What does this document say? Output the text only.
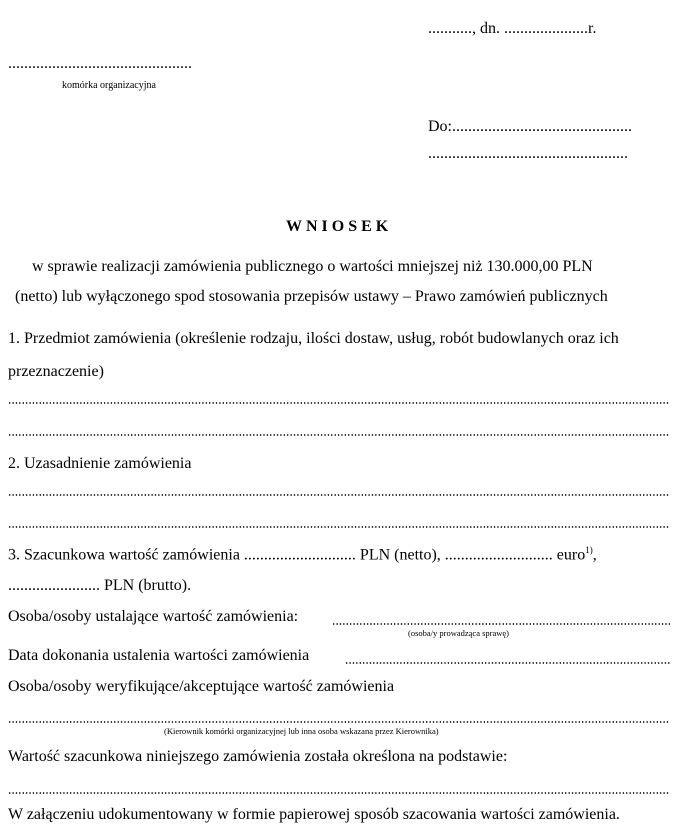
..........., dn. .....................r.
..............................................
komórka organizacyjna
Do:.............................................
..................................................
WNIOSEK
w sprawie realizacji zamówienia publicznego o wartości mniejszej niż 130.000,00 PLN
(netto) lub wyłączonego spod stosowania przepisów ustawy – Prawo zamówień publicznych
1. Przedmiot zamówienia (określenie rodzaju, ilości dostaw, usług, robót budowlanych oraz ich
przeznaczenie)
2. Uzasadnienie zamówienia
3. Szacunkowa wartość zamówienia ............................ PLN (netto), ........................... euro$^{1)}$,
....................... PLN (brutto).
Osoba/osoby ustalające wartość zamówienia:
(osoba/y prowadząca sprawę)
Data dokonania ustalenia wartości zamówienia
Osoba/osoby weryfikujące/akceptujące wartość zamówienia
(Kierownik komórki organizacyjnej lub inna osoba wskazana przez Kierownika)
Wartość szacunkowa niniejszego zamówienia została określona na podstawie:
W załączeniu udokumentowany w formie papierowej sposób szacowania wartości zamówienia.
